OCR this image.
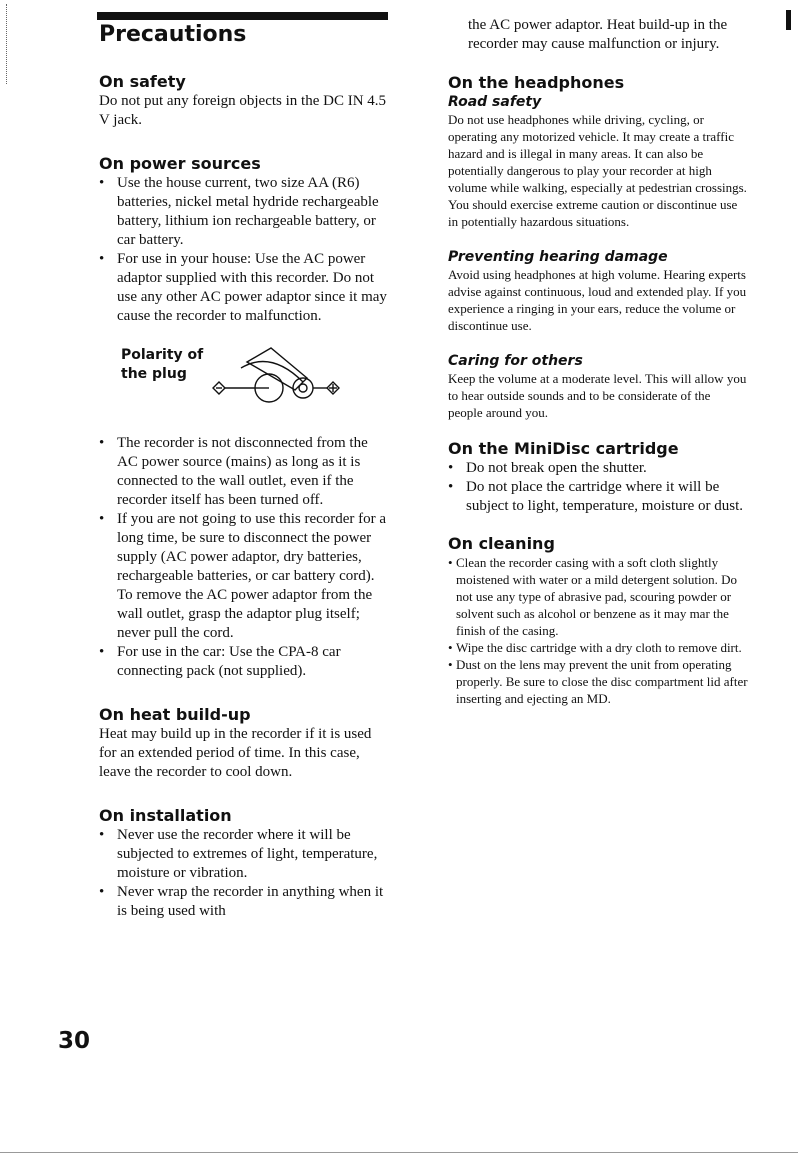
Precautions
On safety

Do not put any foreign objects in the DC IN 4.5 V jack.

On power sources
• Use the house current, two size AA (R6) batteries, nickel metal hydride rechargeable battery, lithium ion rechargeable battery, or car battery.
• For use in your house: Use the AC power adaptor supplied with this recorder. Do not use any other AC power adaptor since it may cause the recorder to malfunction.
Polarity of the plug
• The recorder is not disconnected from the AC power source (mains) as long as it is connected to the wall outlet, even if the recorder itself has been turned off.
• If you are not going to use this recorder for a long time, be sure to disconnect the power supply (AC power adaptor, dry batteries, rechargeable batteries, or car battery cord). To remove the AC power adaptor from the wall outlet, grasp the adaptor plug itself; never pull the cord.
• For use in the car: Use the CPA-8 car connecting pack (not supplied).
On heat build-up

Heat may build up in the recorder if it is used for an extended period of time. In this case, leave the recorder to cool down.

On installation
• Never use the recorder where it will be subjected to extremes of light, temperature, moisture or vibration.
• Never wrap the recorder in anything when it is being used with

the AC power adaptor. Heat build-up in the recorder may cause malfunction or injury.

On the headphones
Road safety

Do not use headphones while driving, cycling, or operating any motorized vehicle. It may create a traffic hazard and is illegal in many areas. It can also be potentially dangerous to play your recorder at high volume while walking, especially at pedestrian crossings. You should exercise extreme caution or discontinue use in potentially hazardous situations.

Preventing hearing damage

Avoid using headphones at high volume. Hearing experts advise against continuous, loud and extended play. If you experience a ringing in your ears, reduce the volume or discontinue use.

Caring for others

Keep the volume at a moderate level. This will allow you to hear outside sounds and to be considerate of the people around you.

On the MiniDisc cartridge
• Do not break open the shutter.
• Do not place the cartridge where it will be subject to light, temperature, moisture or dust.
On cleaning
• Clean the recorder casing with a soft cloth slightly moistened with water or a mild detergent solution. Do not use any type of abrasive pad, scouring powder or solvent such as alcohol or benzene as it may mar the finish of the casing.
• Wipe the disc cartridge with a dry cloth to remove dirt.
• Dust on the lens may prevent the unit from operating properly. Be sure to close the disc compartment lid after inserting and ejecting an MD.
30
